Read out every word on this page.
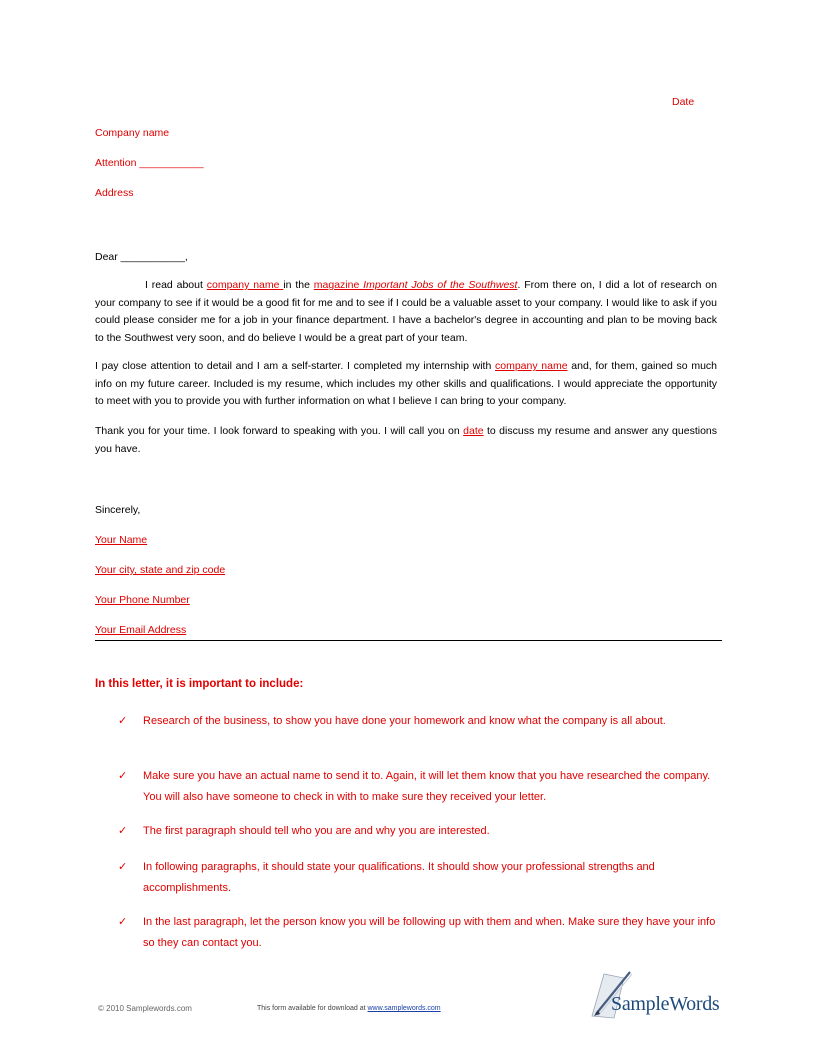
Date
Company name
Attention ___________
Address
Dear ___________,
I read about company name in the magazine Important Jobs of the Southwest. From there on, I did a lot of research on your company to see if it would be a good fit for me and to see if I could be a valuable asset to your company. I would like to ask if you could please consider me for a job in your finance department. I have a bachelor's degree in accounting and plan to be moving back to the Southwest very soon, and do believe I would be a great part of your team.
I pay close attention to detail and I am a self-starter. I completed my internship with company name and, for them, gained so much info on my future career. Included is my resume, which includes my other skills and qualifications. I would appreciate the opportunity to meet with you to provide you with further information on what I believe I can bring to your company.
Thank you for your time. I look forward to speaking with you. I will call you on date to discuss my resume and answer any questions you have.
Sincerely,
Your Name
Your city, state and zip code
Your Phone Number
Your Email Address
In this letter, it is important to include:
✓ Research of the business, to show you have done your homework and know what the company is all about.
✓ Make sure you have an actual name to send it to. Again, it will let them know that you have researched the company. You will also have someone to check in with to make sure they received your letter.
✓ The first paragraph should tell who you are and why you are interested.
✓ In following paragraphs, it should state your qualifications. It should show your professional strengths and accomplishments.
✓ In the last paragraph, let the person know you will be following up with them and when. Make sure they have your info so they can contact you.
© 2010 Samplewords.com	This form available for download at www.samplewords.com	SampleWords
